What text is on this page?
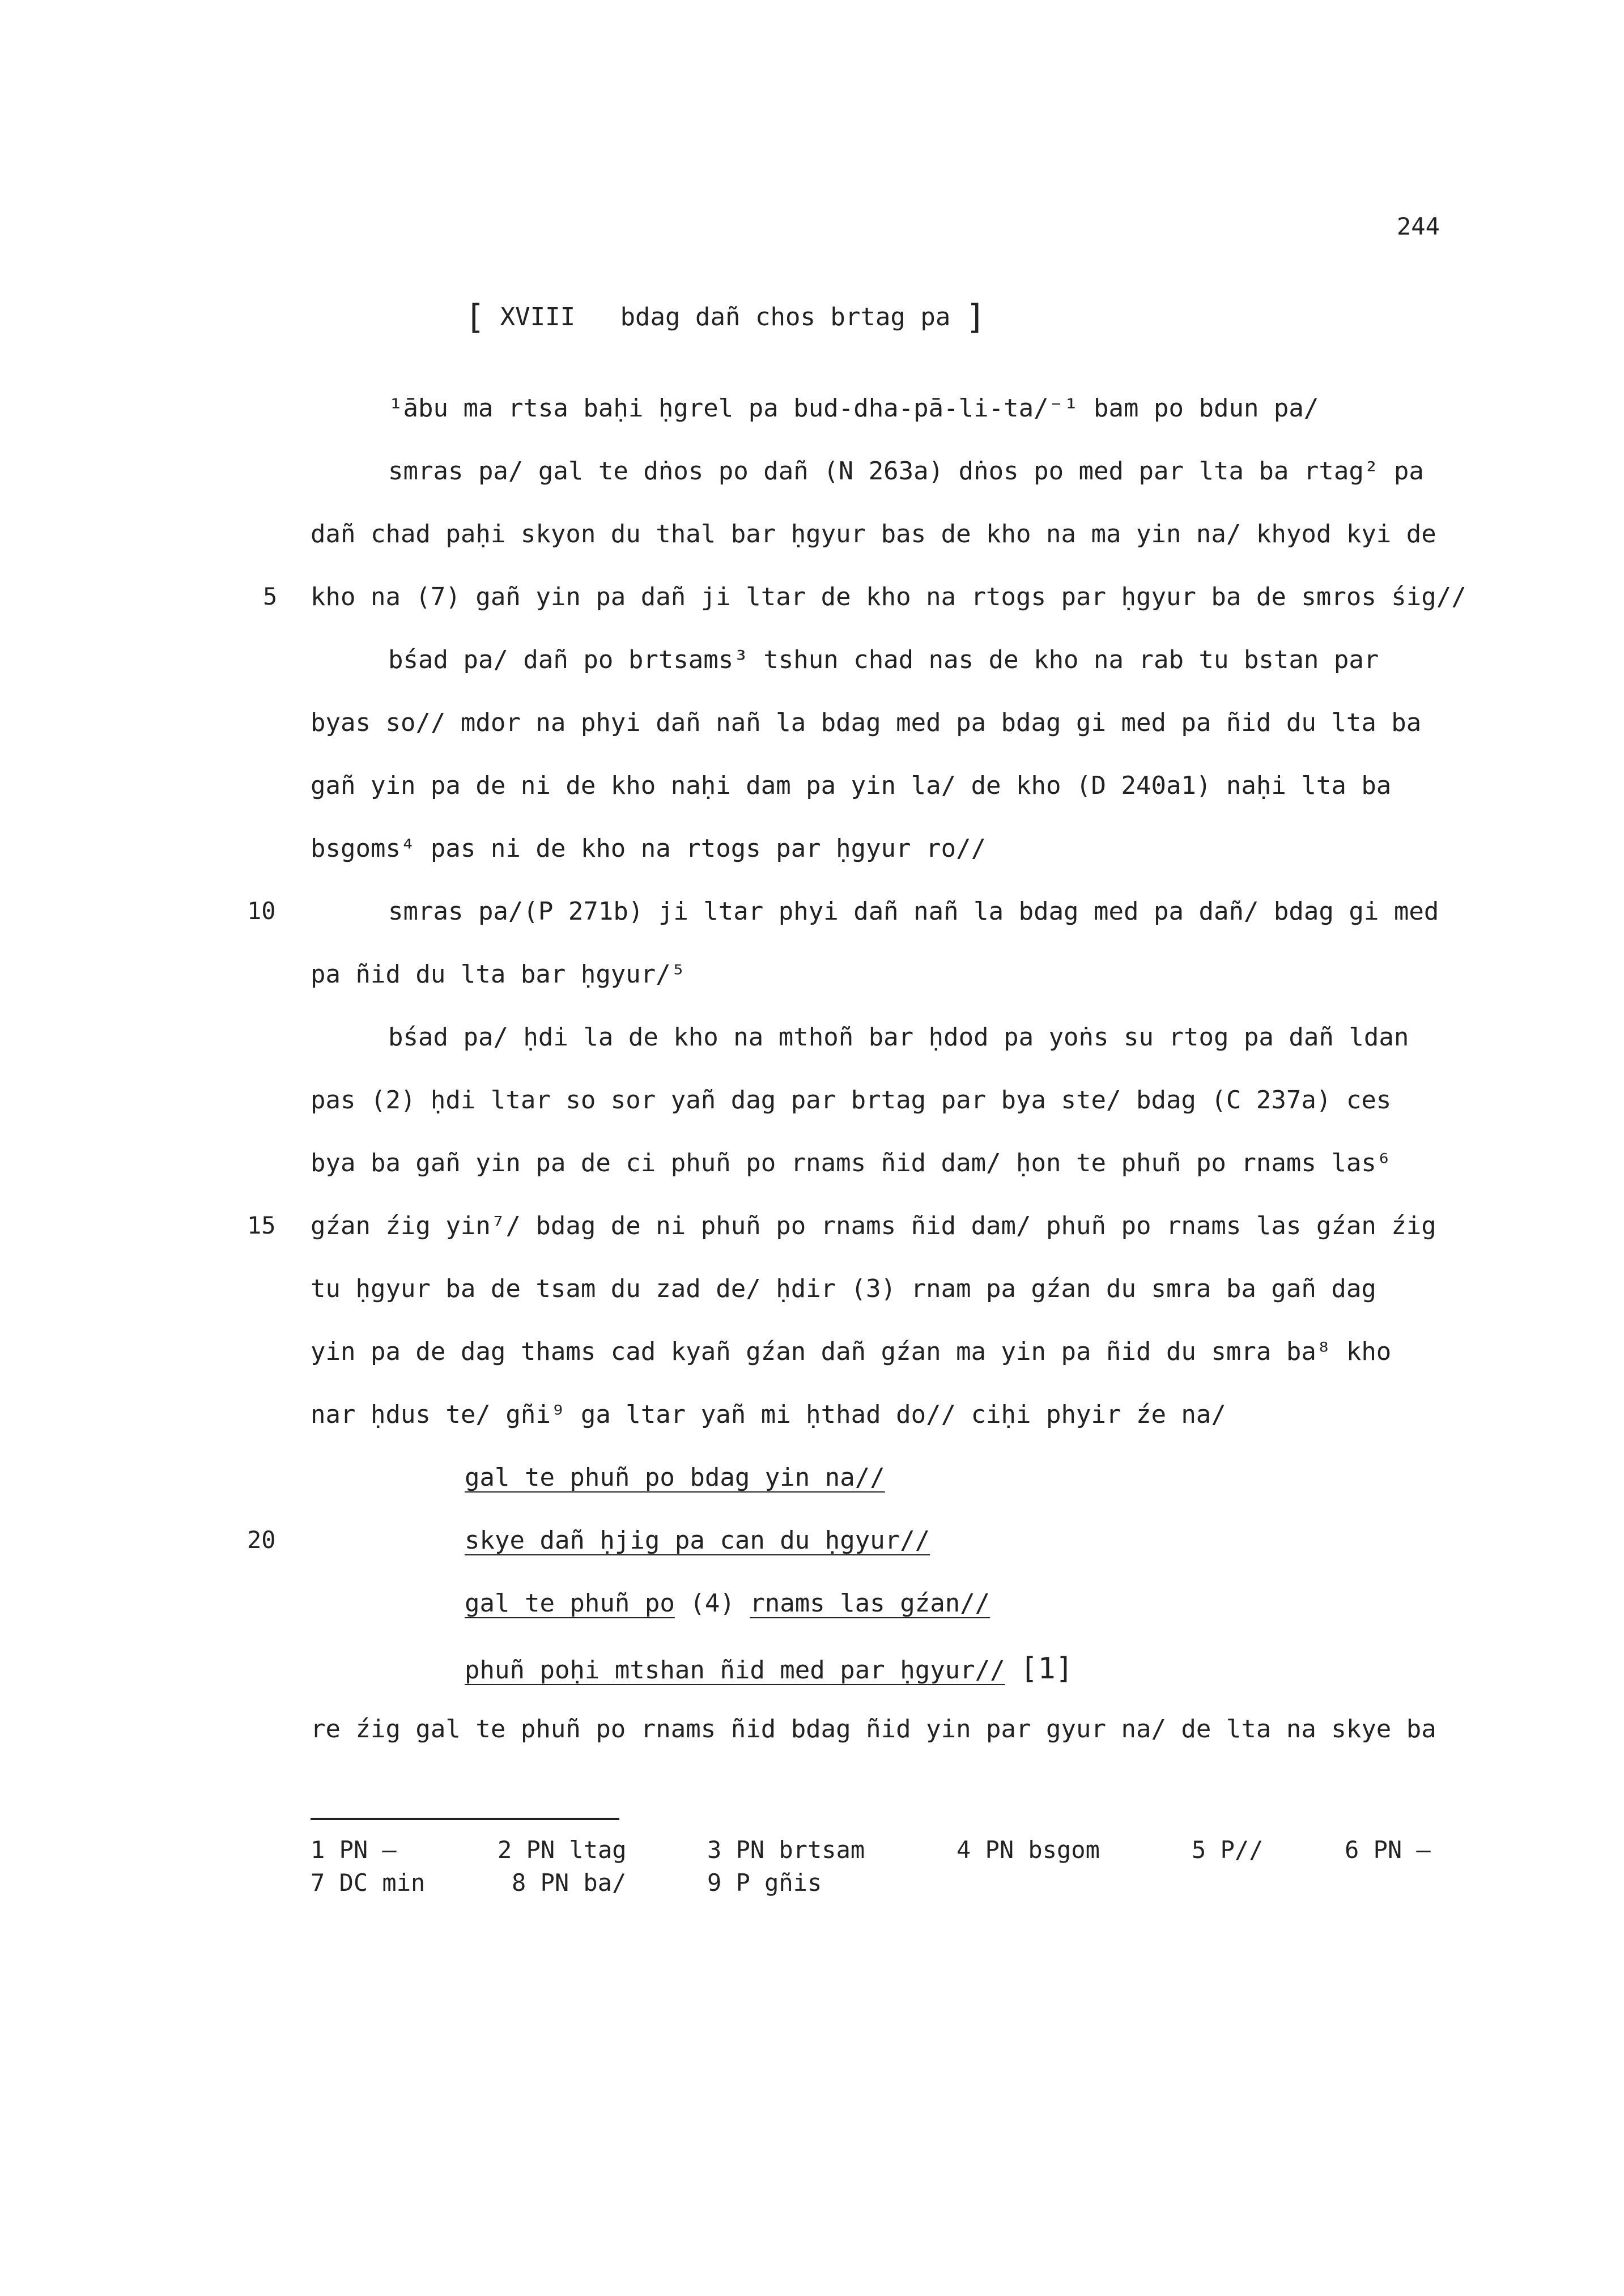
244
[ XVIII bdag dañ chos brtag pa ]
¹ābu ma rtsa baḥi ḥgrel pa bud-dha-pā-li-ta/⁻¹ bam po bdun pa/
smras pa/ gal te dṅos po dañ (N 263a) dṅos po med par lta ba rtag² pa
dañ chad paḥi skyon du thal bar ḥgyur bas de kho na ma yin na/ khyod kyi de
5 kho na (7) gañ yin pa dañ ji ltar de kho na rtogs par ḥgyur ba de smros śig//
bśad pa/ dañ po brtsams³ tshun chad nas de kho na rab tu bstan par
byas so// mdor na phyi dañ nañ la bdag med pa bdag gi med pa ñid du lta ba
gañ yin pa de ni de kho naḥi dam pa yin la/ de kho (D 240a1) naḥi lta ba
bsgoms⁴ pas ni de kho na rtogs par ḥgyur ro//
10	smras pa/(P 271b) ji ltar phyi dañ nañ la bdag med pa dañ/ bdag gi med
pa ñid du lta bar ḥgyur/⁵
bśad pa/ ḥdi la de kho na mthoñ bar ḥdod pa yoṅs su rtog pa dañ ldan
pas (2) ḥdi ltar so sor yañ dag par brtag par bya ste/ bdag (C 237a) ces
bya ba gañ yin pa de ci phuñ po rnams ñid dam/ ḥon te phuñ po rnams las⁶
15 gźan źig yin⁷/ bdag de ni phuñ po rnams ñid dam/ phuñ po rnams las gźan źig
tu ḥgyur ba de tsam du zad de/ ḥdir (3) rnam pa gźan du smra ba gañ dag
yin pa de dag thams cad kyañ gźan dañ gźan ma yin pa ñid du smra ba⁸ kho
nar ḥdus te/ gñi⁹ ga ltar yañ mi ḥthad do// ciḥi phyir źe na/
gal te phuñ po bdag yin na//
20	skye dañ ḥjig pa can du ḥgyur//
gal te phuñ po (4) rnams las gźan//
phuñ poḥi mtshan ñid med par ḥgyur// [1]
re źig gal te phuñ po rnams ñid bdag ñid yin par gyur na/ de lta na skye ba
1 PN —	2 PN ltag	3 PN brtsam	4 PN bsgom	5 P//	6 PN —
7 DC min	8 PN ba/	9 P gñis
